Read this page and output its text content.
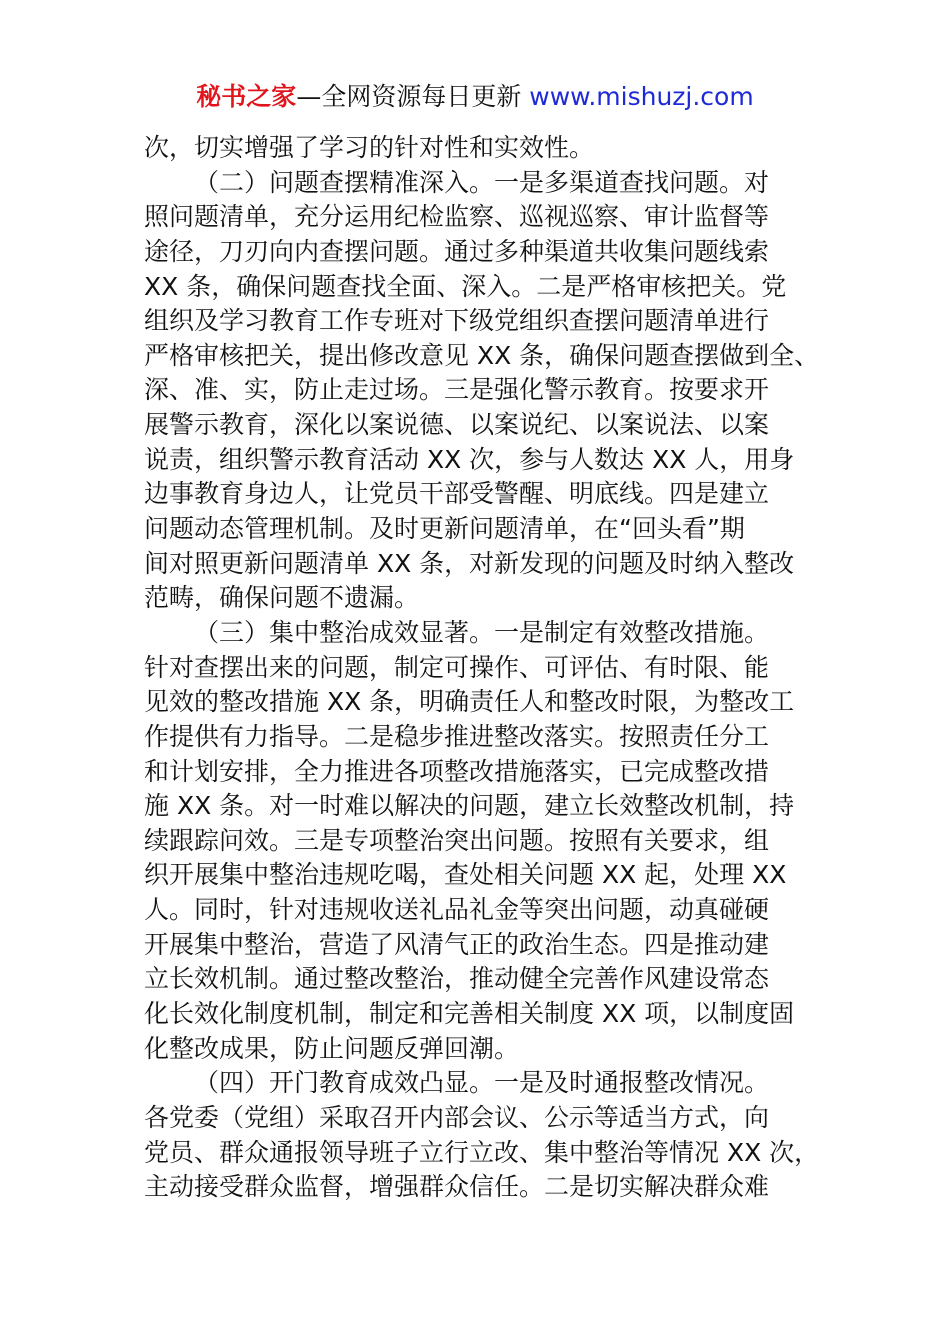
秘书之家—全网资源每日更新 www.mishuzj.com
次，切实增强了学习的针对性和实效性。
（二）问题查摆精准深入。一是多渠道查找问题。对
照问题清单，充分运用纪检监察、巡视巡察、审计监督等
途径，刀刃向内查摆问题。通过多种渠道共收集问题线索
XX 条，确保问题查找全面、深入。二是严格审核把关。党
组织及学习教育工作专班对下级党组织查摆问题清单进行
严格审核把关，提出修改意见 XX 条，确保问题查摆做到全、
深、准、实，防止走过场。三是强化警示教育。按要求开
展警示教育，深化以案说德、以案说纪、以案说法、以案
说责，组织警示教育活动 XX 次，参与人数达 XX 人，用身
边事教育身边人，让党员干部受警醒、明底线。四是建立
问题动态管理机制。及时更新问题清单，在“回头看”期
间对照更新问题清单 XX 条，对新发现的问题及时纳入整改
范畴，确保问题不遗漏。
（三）集中整治成效显著。一是制定有效整改措施。
针对查摆出来的问题，制定可操作、可评估、有时限、能
见效的整改措施 XX 条，明确责任人和整改时限，为整改工
作提供有力指导。二是稳步推进整改落实。按照责任分工
和计划安排，全力推进各项整改措施落实，已完成整改措
施 XX 条。对一时难以解决的问题，建立长效整改机制，持
续跟踪问效。三是专项整治突出问题。按照有关要求，组
织开展集中整治违规吃喝，查处相关问题 XX 起，处理 XX
人。同时，针对违规收送礼品礼金等突出问题，动真碰硬
开展集中整治，营造了风清气正的政治生态。四是推动建
立长效机制。通过整改整治，推动健全完善作风建设常态
化长效化制度机制，制定和完善相关制度 XX 项，以制度固
化整改成果，防止问题反弹回潮。
（四）开门教育成效凸显。一是及时通报整改情况。
各党委（党组）采取召开内部会议、公示等适当方式，向
党员、群众通报领导班子立行立改、集中整治等情况 XX 次，
主动接受群众监督，增强群众信任。二是切实解决群众难
